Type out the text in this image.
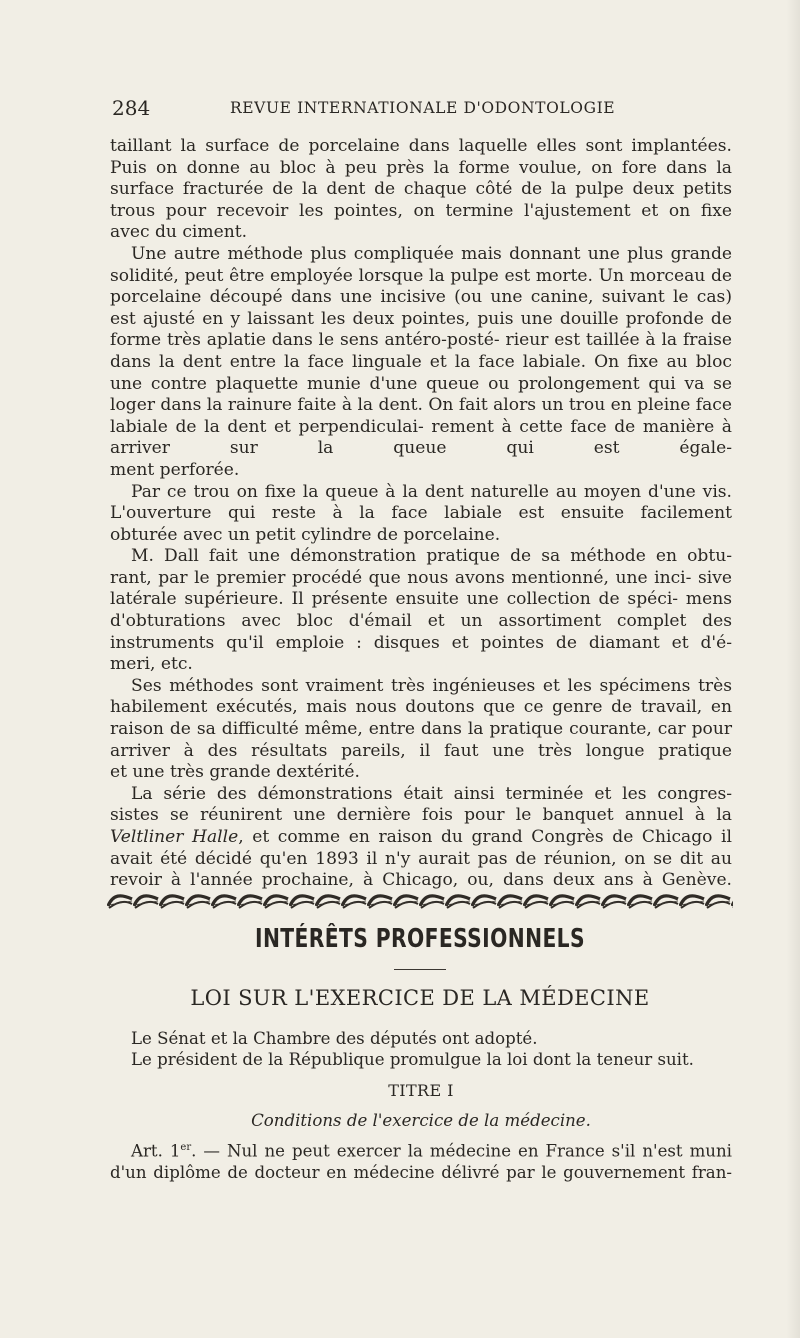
284	REVUE INTERNATIONALE D'ODONTOLOGIE

taillant la surface de porcelaine dans laquelle elles sont implantées. Puis on donne au bloc à peu près la forme voulue, on fore dans la surface fracturée de la dent de chaque côté de la pulpe deux petits trous pour recevoir les pointes, on termine l'ajustement et on fixe

avec du ciment.

Une autre méthode plus compliquée mais donnant une plus grande solidité, peut être employée lorsque la pulpe est morte. Un morceau de porcelaine découpé dans une incisive (ou une canine, suivant le cas) est ajusté en y laissant les deux pointes, puis une douille profonde de forme très aplatie dans le sens antéro-posté- rieur est taillée à la fraise dans la dent entre la face linguale et la face labiale. On fixe au bloc une contre plaquette munie d'une queue ou prolongement qui va se loger dans la rainure faite à la dent. On fait alors un trou en pleine face labiale de la dent et perpendiculai- rement à cette face de manière à arriver sur la queue qui est égale-

ment perforée.

Par ce trou on fixe la queue à la dent naturelle au moyen d'une vis. L'ouverture qui reste à la face labiale est ensuite facilement

obturée avec un petit cylindre de porcelaine.

M. Dall fait une démonstration pratique de sa méthode en obtu- rant, par le premier procédé que nous avons mentionné, une inci- sive latérale supérieure. Il présente ensuite une collection de spéci- mens d'obturations avec bloc d'émail et un assortiment complet des instruments qu'il emploie : disques et pointes de diamant et d'é-

meri, etc.

Ses méthodes sont vraiment très ingénieuses et les spécimens très habilement exécutés, mais nous doutons que ce genre de travail, en raison de sa difficulté même, entre dans la pratique courante, car pour arriver à des résultats pareils, il faut une très longue pratique

et une très grande dextérité.

La série des démonstrations était ainsi terminée et les congres- sistes se réunirent une dernière fois pour le banquet annuel à la Veltliner Halle, et comme en raison du grand Congrès de Chicago il avait été décidé qu'en 1893 il n'y aurait pas de réunion, on se dit au revoir à l'année prochaine, à Chicago, ou, dans deux ans à Genève.

INTÉRÊTS PROFESSIONNELS
LOI SUR L'EXERCICE DE LA MÉDECINE

Le Sénat et la Chambre des députés ont adopté.

Le président de la République promulgue la loi dont la teneur suit.

TITRE I

Conditions de l'exercice de la médecine.

Art. 1er. — Nul ne peut exercer la médecine en France s'il n'est muni

d'un diplôme de docteur en médecine délivré par le gouvernement fran-
